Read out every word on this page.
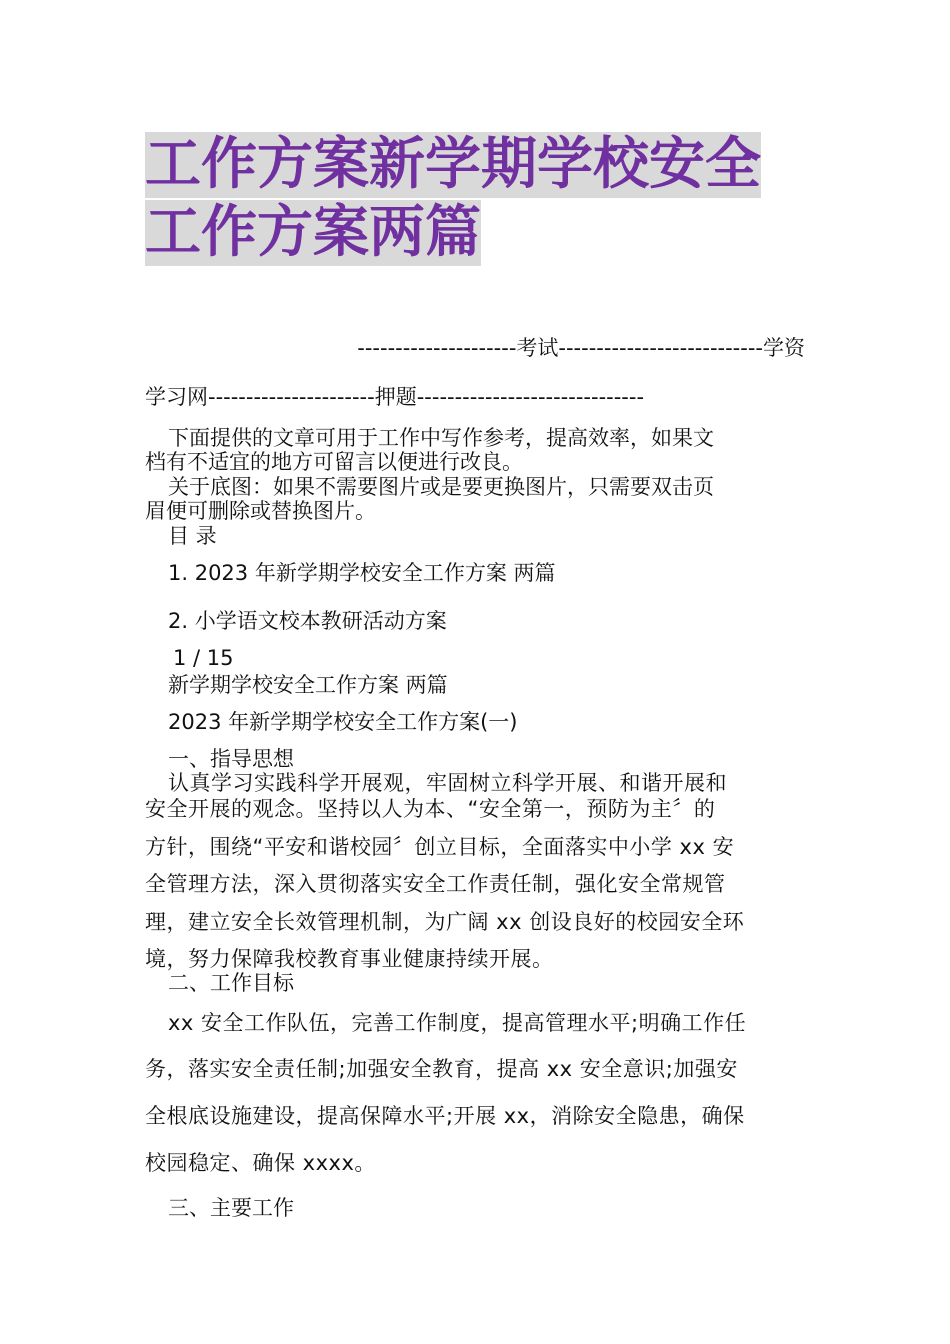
工作方案新学期学校安全
工作方案两篇
---------------------考试---------------------------学资
学习网----------------------押题------------------------------
下面提供的文章可用于工作中写作参考，提高效率，如果文
档有不适宜的地方可留言以便进行改良。
关于底图：如果不需要图片或是要更换图片，只需要双击页
眉便可删除或替换图片。
目 录
1. 2023 年新学期学校安全工作方案 两篇
2. 小学语文校本教研活动方案
1 / 15
新学期学校安全工作方案 两篇
2023 年新学期学校安全工作方案(一)
一、指导思想
认真学习实践科学开展观，牢固树立科学开展、和谐开展和
安全开展的观念。坚持以人为本、“安全第一，预防为主〞的
方针，围绕“平安和谐校园〞创立目标，全面落实中小学 xx 安
全管理方法，深入贯彻落实安全工作责任制，强化安全常规管
理，建立安全长效管理机制，为广阔 xx 创设良好的校园安全环
境，努力保障我校教育事业健康持续开展。
二、工作目标
xx 安全工作队伍，完善工作制度，提高管理水平;明确工作任
务，落实安全责任制;加强安全教育，提高 xx 安全意识;加强安
全根底设施建设，提高保障水平;开展 xx，消除安全隐患，确保
校园稳定、确保 xxxx。
三、主要工作
